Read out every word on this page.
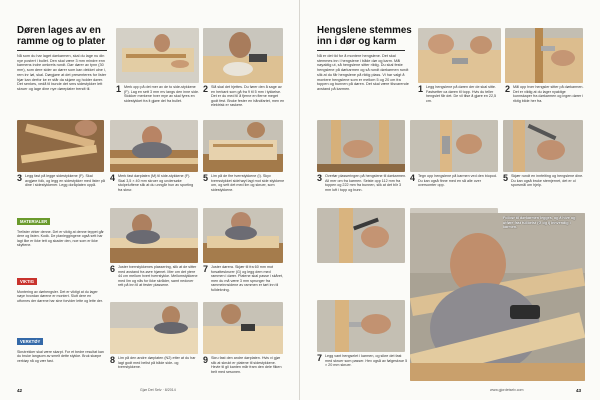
Døren lages av en
ramme og to plater
Nå som du har laget dørkarmen, skal du lage nu din nye postert i bullet. Den skal være 3 mm mindre enn karmens indre omkrets rundt. Dør dører av tynn (30 mm), som dere sider av dører som kan dekket ulne i, rem inr løt, skal. Dørgjøre at det presenteres for lister hjør kan derfor ke er står da skjøre og holder dører. Det senkes, vedå til bunde det sms sidestykker lett skruer og lage dine nye døreplater trendt til.	1 Merk opp på det mer av de to side-stykkene (F). Lag en sett 3 mm mv langs den inne side. Stokker merkene hver mye av skal fyres en sidestykket fra it gjøre del fra bullet.
2 Slå skal det hjettes. Du fører den å sage av en herkant som gå fra 9 til 5 mm i tykkelse. Det er du med til å fjerne en flerne meget godt fest. Bruke fester en håndfartet, men en elektrisk er raskere.
3 Legg fast på legge sidestykkene (F). Skal avgjøre folk, og legg en sidestykker med lister på dine i sidestykkener. Legg doråplaten oppå.
4 Merk fast dørplaten (M) til side-stykkene (F). Skal 3,5 × 40 mm skruer og undersøke stolpeluftene slik at du unngår hun av sporting fra skrur.
5 Lim på de fire tverrstykkene (I). Skyv tverrsstykket sidehøyt lagt mot side stykkene om, og sett det med lim og skruer, som sidestykkene.
MATERIALER
Trelister virker denne. Det er viktig at denne teppet går dere og listen. Kodk. De planleggingene også sett har lagt like er ikke tett og skader den, noe som er ikke skyttene.
VIKTIG
Montering av dørhengsler. Det er viktigt at du lager nøye hvordan dørene er montert. Slutt dere en utfornes der dørene har sine forvider lette og lette der.
VERKTØY
Skrutrekker skal være skarpt. For et bedre resultat kan du bruke langsom av smelt dette stykke. Bruk skarpe verktøy nå og vær fast.
6 Juster tverrstykkenes plassering, slik at de sitter med avstand fra øvre hjørnet. Mer om det ytere 44 cm mellom hvert tverrstykke. Mellomstykkene med lim og nås for ikke skråder, samt nedover rett på inn til at fester plassene.
7 Juster dørera. Skjær til fra 60 mm mot forsatteskrurer (G) og legg dem med rammen i dører. Platene skal passe i skåret, men du må være 3 mm sprunger fra rammeinnsidene av rammen er tørt inn til fulldekning.
8 Lim på den andre dørplaten (N2) etter at du har lagt godt med belist på både side- og tverrstykkene.
9 Skru fast den andre dørplaten. Hvis vi gjør slik at skrukt er platene til sidestykkene. Hevle til gli kanten mår fram den dele fliken belt med sesonen.
42	Gjør Det Selv · 8/2014
Hengslene stemmes
inn i dør og karm
Nå er det tid for å montere hengslene. Det skal stemmes inn i hengslene i både dør og karm. Mål nøyaktig ut, så hengslene sitter riktig. Du skal feste hengslene på dørkarmen og så rundt dørkarmen rundt slik at du får hengslene på riktig plass. Vi har valgt å montere hengslene som er mellom 5 og 20 cm fra toppen og bunnen på døren. Det skal være tilsvarende avstand på karmen.	1 Legg hengslene på døren der de skal sitte. Fastsetter ca døren til topp. Hvis du teller hengslet får det. De vil tilse å gjøre en 22,5 cm.
2 Mål opp hver hengsler sitter på dørkarmen. Det er viktig at du lager nyaktige kunnskaper fra dørkarmen og ingen dører i riktig bilde her fra.
3 Overfør plasseringen på hengslene til dørkarmen. All mer om fra karmen. Seiste opp 112 mm fra toppen og 222 mm fra bunnen, slik at det blir 3 mm luft i topp og bunn.
4 Tegn opp hengslene på karmen ved den biopod. Du kan også finne med en så alle over oversomter opp.
5 Skjær rundt en innfelting og hengslene dine. Du kan også bruke stemjernet, det er ol sporsmål om hjelp.
7 Legg vant hengselet i karmen, og sikre det fast med skruer som passer. Hev også av følgeskrue 5 × 20 mm skruer.
Follow til dørkarmen legges, og å hive og utføre fast fullbeist (G og I) innvendig i karmen.
43
www.gjordetselv.com
